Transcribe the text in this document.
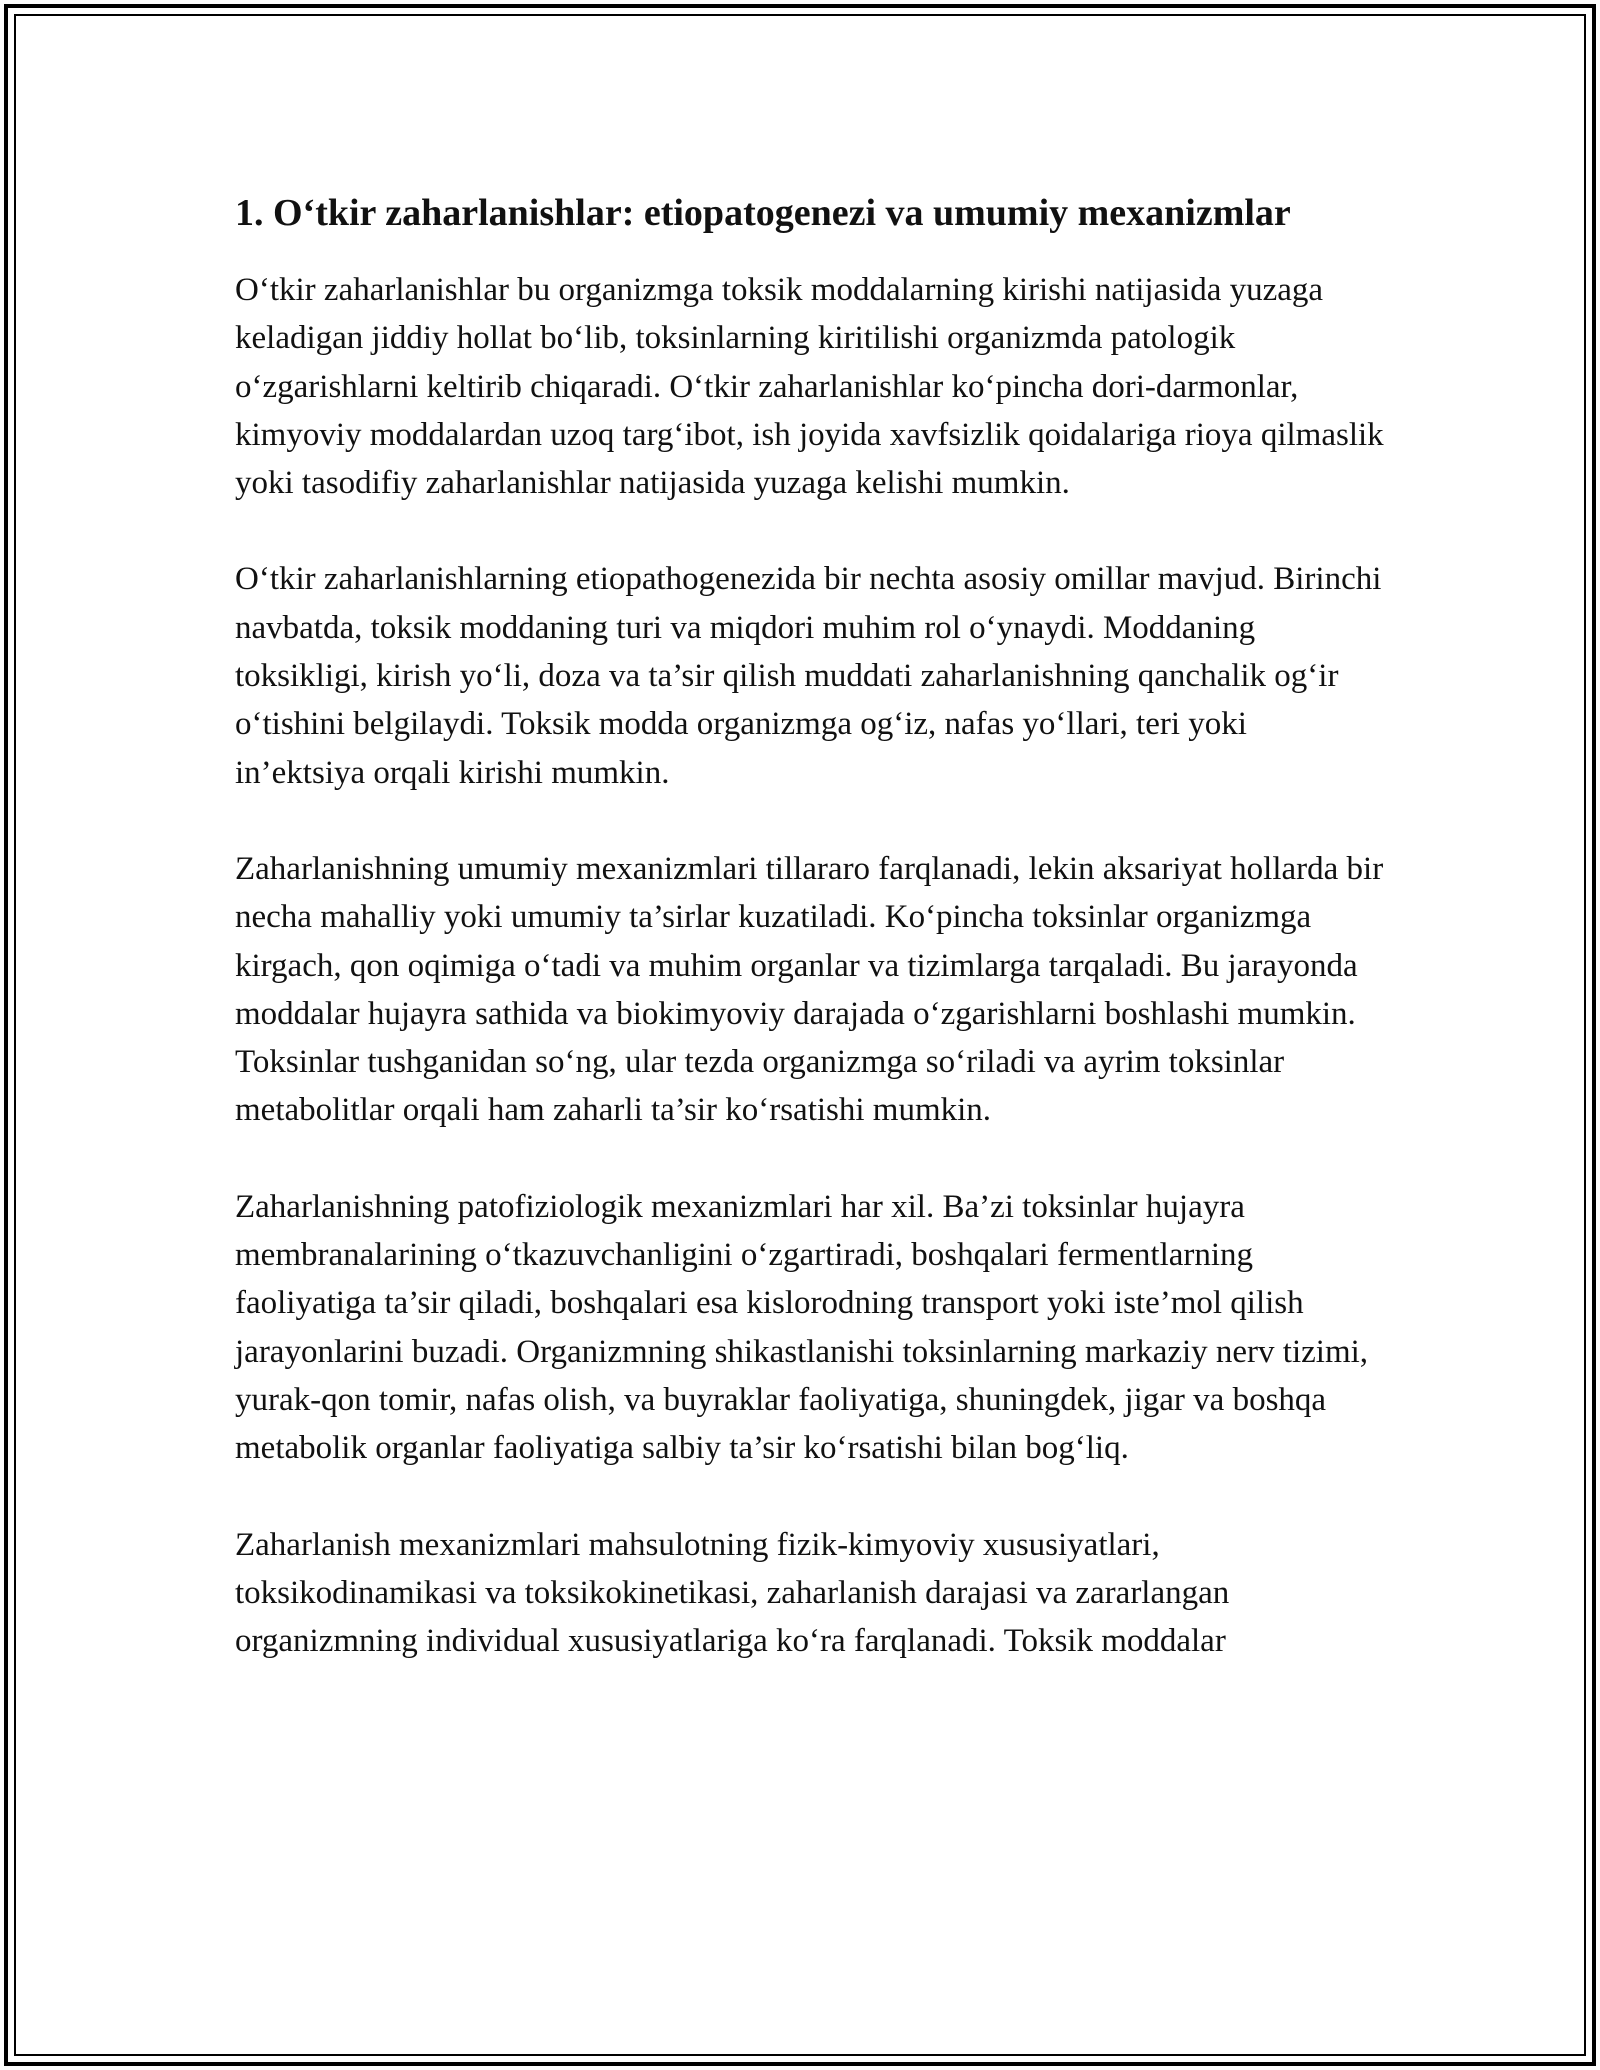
1. O‘tkir zaharlanishlar: etiopatogenezi va umumiy mexanizmlar

O‘tkir zaharlanishlar bu organizmga toksik moddalarning kirishi natijasida yuzaga keladigan jiddiy hollat bo‘lib, toksinlarning kiritilishi organizmda patologik o‘zgarishlarni keltirib chiqaradi. O‘tkir zaharlanishlar ko‘pincha dori-darmonlar, kimyoviy moddalardan uzoq targ‘ibot, ish joyida xavfsizlik qoidalariga rioya qilmaslik yoki tasodifiy zaharlanishlar natijasida yuzaga kelishi mumkin.

O‘tkir zaharlanishlarning etiopathogenezida bir nechta asosiy omillar mavjud. Birinchi navbatda, toksik moddaning turi va miqdori muhim rol o‘ynaydi. Moddaning toksikligi, kirish yo‘li, doza va ta’sir qilish muddati zaharlanishning qanchalik og‘ir o‘tishini belgilaydi. Toksik modda organizmga og‘iz, nafas yo‘llari, teri yoki in’ektsiya orqali kirishi mumkin.

Zaharlanishning umumiy mexanizmlari tillararo farqlanadi, lekin aksariyat hollarda bir necha mahalliy yoki umumiy ta’sirlar kuzatiladi. Ko‘pincha toksinlar organizmga kirgach, qon oqimiga o‘tadi va muhim organlar va tizimlarga tarqaladi. Bu jarayonda moddalar hujayra sathida va biokimyoviy darajada o‘zgarishlarni boshlashi mumkin. Toksinlar tushganidan so‘ng, ular tezda organizmga so‘riladi va ayrim toksinlar metabolitlar orqali ham zaharli ta’sir ko‘rsatishi mumkin.

Zaharlanishning patofiziologik mexanizmlari har xil. Ba’zi toksinlar hujayra membranalarining o‘tkazuvchanligini o‘zgartiradi, boshqalari fermentlarning faoliyatiga ta’sir qiladi, boshqalari esa kislorodning transport yoki iste’mol qilish jarayonlarini buzadi. Organizmning shikastlanishi toksinlarning markaziy nerv tizimi, yurak-qon tomir, nafas olish, va buyraklar faoliyatiga, shuningdek, jigar va boshqa metabolik organlar faoliyatiga salbiy ta’sir ko‘rsatishi bilan bog‘liq.

Zaharlanish mexanizmlari mahsulotning fizik-kimyoviy xususiyatlari, toksikodinamikasi va toksikokinetikasi, zaharlanish darajasi va zararlangan organizmning individual xususiyatlariga ko‘ra farqlanadi. Toksik moddalar
